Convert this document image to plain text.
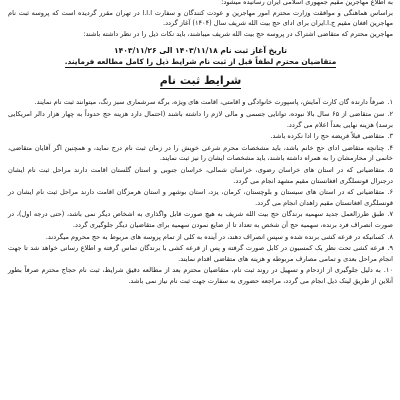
به اطلاع مهاجرین مقیم جمهوری اسلامی ایران رسانیده میشود:

براساس هماهنگی و موافقت وزارت محترم امور مهاجرین و عودت کنندگان و سفارت ا.ا.ا در تهران مقرر گردیده است که پروسه ثبت نام مهاجرین افغان مقیم ج.ا.ایران برای ادای حج بیت الله شریف سال (۱۴۰۴) آغاز گردد.

مهاجرین محترم که متقاضی اشتراک در پروسه حج بیت الله شریف میباشند، باید نکات ذیل را در نظر داشته باشند:

تاریخ آغاز ثبت نام ۱۴۰۳/۱۱/۱۸ الی ۱۴۰۳/۱۱/۲۶

متقاضیان محترم لطفاً قبل از ثبت نام شرایط ذیل را کامل مطالعه فرمایند.

شرایط ثبت نام
۱.صرفاً دارنده گان کارت آمایش، پاسپورت خانوادگی و اقامتی، اقامت های ویژه، برگه سرشماری سبز رنگ، میتوانند ثبت نام نمایند.
۲.سن متقاضی از ۶۵ سال بالا نبوده، توانایی جسمی و مالی لازم را داشته باشند (احتمال دارد هزینه حج حدوداً به چهار هزار دالر امریکایی برسد) هزینه نهایی بعداً اعلام می گردد.
۳.متقاضی قبلاً فریضه حج را ادا نکرده باشد.
۴.چنانچه متقاضی ادای حج خانم باشد، باید مشخصات محرم شرعی خویش را در زمان ثبت نام درج نماید، و همچنین اگر آقایان متقاضی، خانمی از محارمشان را به همراه داشته باشند، باید مشخصات ایشان را نیز ثبت نمایند.
۵.متقاضیانی که در استان های خراسان رضوی، خراسان شمالی، خراسان جنوبی و استان گلستان اقامت دارند مراحل ثبت نام ایشان درجنرال قونسلگری افغانستان مقیم مشهد انجام می گردد.
۶.متقاضیانی که در استان های سیستان و بلوچستان، کرمان، یزد، استان بوشهر و استان هرمزگان اقامت دارند مراحل ثبت نام ایشان در قونسلگری افغانستان مقیم زاهدان انجام می گردد.
۷.طبق طرزالعمل جدید سهمیه برندگان حج بیت الله شریف به هیچ صورت قابل واگذاری به اشخاص دیگر نمی باشد، (حتی درجه اول)، در صورت انصراف فرد برنده، سهمیه حج آن شخص به تعداد تا از ضایع نمودن سهمیه برای متقاضیان دیگر جلوگیری گردد.
۸.کسانیکه در قرعه کشی برنده شده و سپس انصراف دهند، در آینده به کلی از تمام پروسه های مربوط به حج محروم میگردند.
۹.قرعه کشی تحت نظر یک کمسیون در کابل صورت گرفته و پس از قرعه کشی با برندگان تماس گرفته و اطلاع رسانی خواهد شد تا جهت انجام مراحل بعدی و تمامی مصارف مربوطه و هزینه های متقاضی اقدام نمایند.
۱۰.به دلیل جلوگیری از ازدحام و تسهیل در روند ثبت نام، متقاضیان محترم بعد از مطالعه دقیق شرایط، ثبت نام حجاج محترم صرفاً بطور آنلاین از طریق لینک ذیل انجام می گردد، مراجعه حضوری به سفارت جهت ثبت نام نیاز نمی باشد.
